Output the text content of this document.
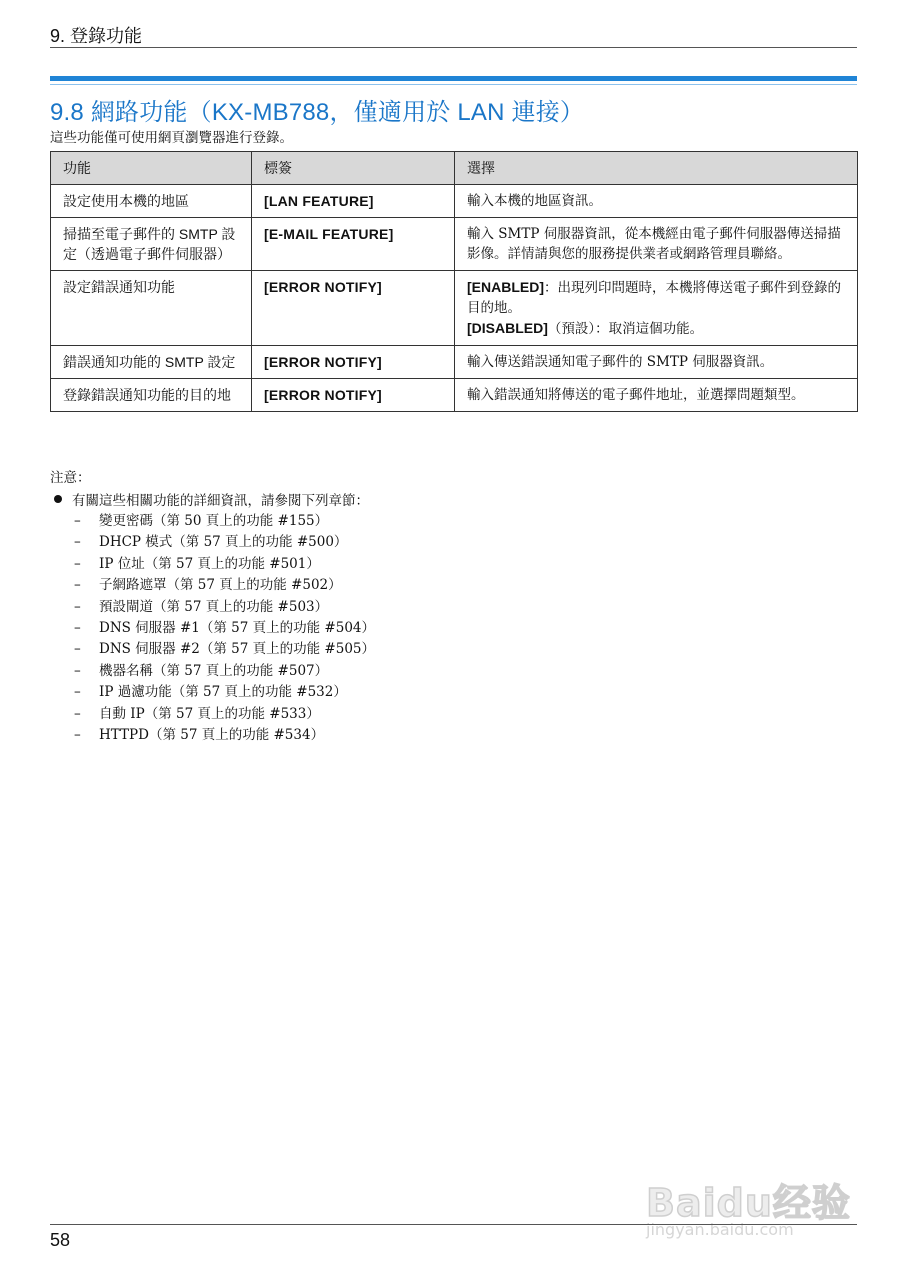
9. 登錄功能
9.8 網路功能（KX-MB788，僅適用於 LAN 連接）
這些功能僅可使用網頁瀏覽器進行登錄。
功能	標簽	選擇
設定使用本機的地區	[LAN FEATURE]	輸入本機的地區資訊。
掃描至電子郵件的 SMTP 設定（透過電子郵件伺服器）	[E-MAIL FEATURE]	輸入 SMTP 伺服器資訊，從本機經由電子郵件伺服器傳送掃描影像。詳情請與您的服務提供業者或網路管理員聯絡。
設定錯誤通知功能	[ERROR NOTIFY]	[ENABLED]：出現列印問題時，本機將傳送電子郵件到登錄的目的地。
[DISABLED]（預設）：取消這個功能。

錯誤通知功能的 SMTP 設定	[ERROR NOTIFY]	輸入傳送錯誤通知電子郵件的 SMTP 伺服器資訊。
登錄錯誤通知功能的目的地	[ERROR NOTIFY]	輸入錯誤通知將傳送的電子郵件地址，並選擇問題類型。
注意：
有關這些相關功能的詳細資訊，請參閱下列章節：
–	變更密碼（第 50 頁上的功能 #155）
–	DHCP 模式（第 57 頁上的功能 #500）
–	IP 位址（第 57 頁上的功能 #501）
–	子網路遮罩（第 57 頁上的功能 #502）
–	預設閘道（第 57 頁上的功能 #503）
–	DNS 伺服器 #1（第 57 頁上的功能 #504）
–	DNS 伺服器 #2（第 57 頁上的功能 #505）
–	機器名稱（第 57 頁上的功能 #507）
–	IP 過濾功能（第 57 頁上的功能 #532）
–	自動 IP（第 57 頁上的功能 #533）
–	HTTPD（第 57 頁上的功能 #534）
Baidu经验
jingyan.baidu.com
58
